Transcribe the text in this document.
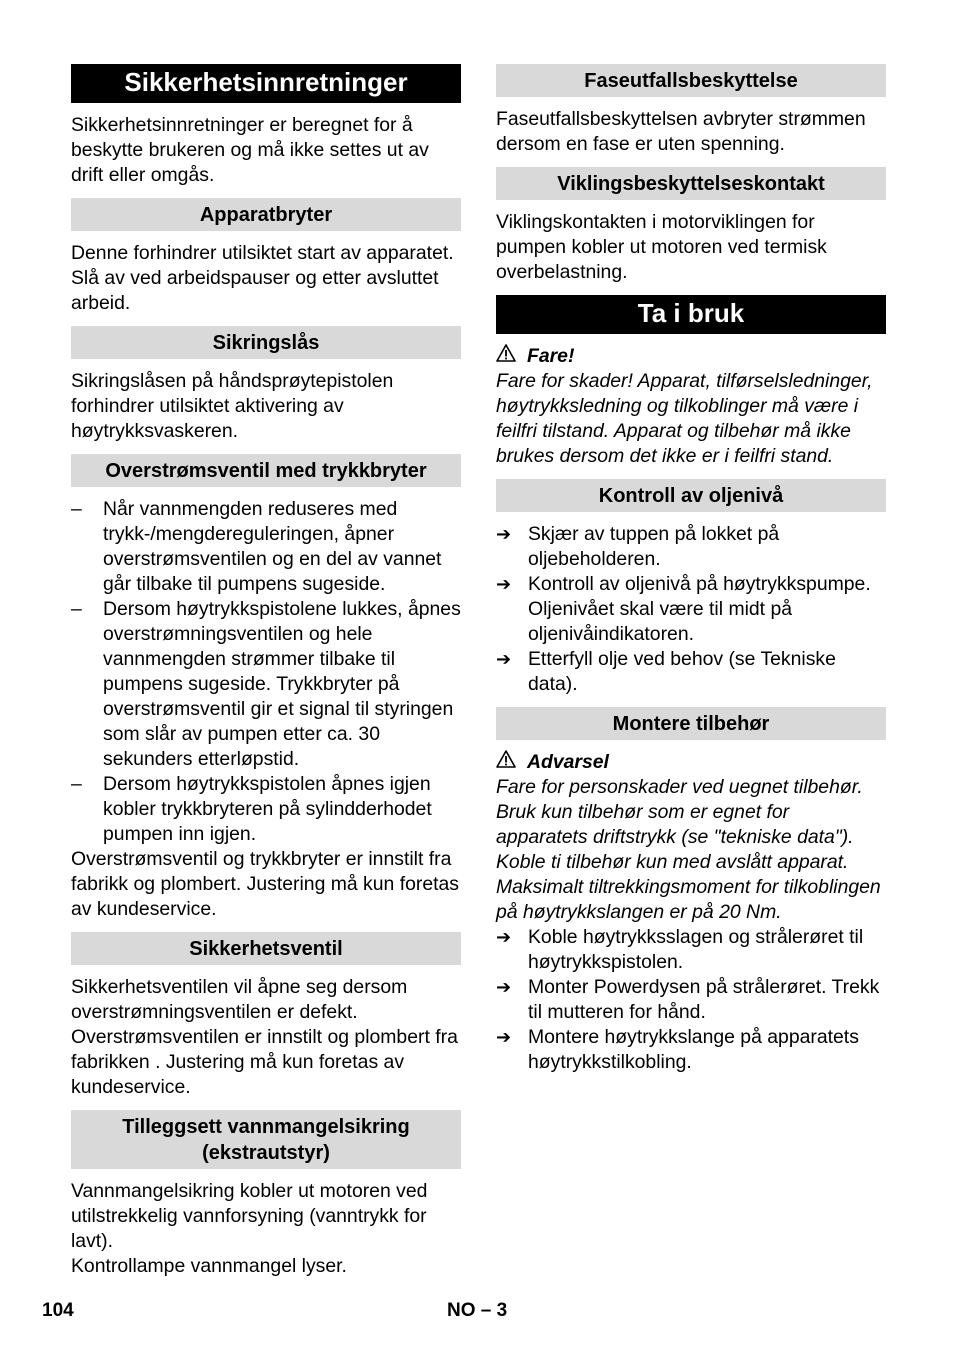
Sikkerhetsinnretninger

Sikkerhetsinnretninger er beregnet for å beskytte brukeren og må ikke settes ut av drift eller omgås.

Apparatbryter

Denne forhindrer utilsiktet start av apparatet. Slå av ved arbeidspauser og etter avsluttet arbeid.

Sikringslås

Sikringslåsen på håndsprøytepistolen forhindrer utilsiktet aktivering av høytrykksvaskeren.

Overstrømsventil med trykkbryter
– Når vannmengden reduseres med trykk-/mengdereguleringen, åpner overstrømsventilen og en del av vannet går tilbake til pumpens sugeside.
– Dersom høytrykkspistolene lukkes, åpnes overstrømningsventilen og hele vannmengden strømmer tilbake til pumpens sugeside. Trykkbryter på overstrømsventil gir et signal til styringen som slår av pumpen etter ca. 30 sekunders etterløpstid.
– Dersom høytrykkspistolen åpnes igjen kobler trykkbryteren på sylindderhodet pumpen inn igjen.

Overstrømsventil og trykkbryter er innstilt fra fabrikk og plombert. Justering må kun foretas av kundeservice.

Sikkerhetsventil

Sikkerhetsventilen vil åpne seg dersom overstrømningsventilen er defekt.

Overstrømsventilen er innstilt og plombert fra fabrikken . Justering må kun foretas av kundeservice.

Tilleggsett vannmangelsikring
(ekstrautstyr)

Vannmangelsikring kobler ut motoren ved utilstrekkelig vannforsyning (vanntrykk for lavt).

Kontrollampe vannmangel lyser.

Faseutfallsbeskyttelse

Faseutfallsbeskyttelsen avbryter strømmen dersom en fase er uten spenning.

Viklingsbeskyttelseskontakt

Viklingskontakten i motorviklingen for pumpen kobler ut motoren ved termisk overbelastning.

Ta i bruk
Fare!

Fare for skader! Apparat, tilførselsledninger, høytrykksledning og tilkoblinger må være i feilfri tilstand. Apparat og tilbehør må ikke brukes dersom det ikke er i feilfri stand.

Kontroll av oljenivå
➔ Skjær av tuppen på lokket på oljebeholderen.
➔ Kontroll av oljenivå på høytrykkspumpe.

Oljenivået skal være til midt på oljenivåindikatoren.

➔ Etterfyll olje ved behov (se Tekniske data).
Montere tilbehør
Advarsel

Fare for personskader ved uegnet tilbehør. Bruk kun tilbehør som er egnet for apparatets driftstrykk (se "tekniske data").

Koble ti tilbehør kun med avslått apparat.

Maksimalt tiltrekkingsmoment for tilkoblingen på høytrykkslangen er på 20 Nm.

➔ Koble høytrykksslagen og strålerøret til høytrykkspistolen.
➔ Monter Powerdysen på strålerøret. Trekk til mutteren for hånd.
➔ Montere høytrykkslange på apparatets høytrykkstilkobling.
104	NO – 3
